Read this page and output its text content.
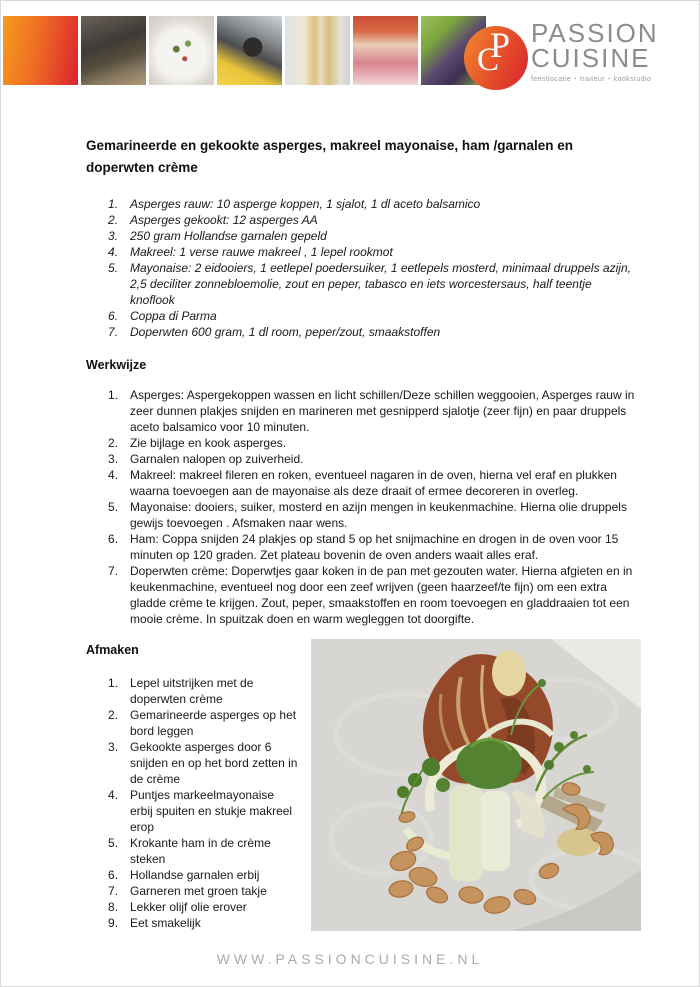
P
C
PASSION
CUISINE
feestlocatie · traiteur · kookstudio
Gemarineerde en gekookte asperges, makreel mayonaise, ham /garnalen en doperwten crème
Asperges rauw: 10 asperge koppen, 1 sjalot, 1 dl aceto balsamico
Asperges gekookt: 12 asperges AA
250 gram Hollandse garnalen gepeld
Makreel: 1 verse rauwe makreel , 1 lepel rookmot
Mayonaise: 2 eidooiers, 1 eetlepel poedersuiker, 1 eetlepels mosterd, minimaal druppels azijn, 2,5 deciliter zonnebloemolie, zout en peper, tabasco en iets worcestersaus, half teentje knoflook
Coppa di Parma
Doperwten 600 gram, 1 dl room, peper/zout, smaakstoffen
Werkwijze
Asperges: Aspergekoppen wassen en licht schillen/Deze schillen weggooien, Asperges rauw in zeer dunnen plakjes snijden en marineren met gesnipperd sjalotje (zeer fijn) en paar druppels aceto balsamico voor 10 minuten.
Zie bijlage en kook asperges.
Garnalen nalopen op zuiverheid.
Makreel: makreel fileren en roken, eventueel nagaren in de oven, hierna vel eraf en plukken waarna toevoegen aan de mayonaise als deze draait of ermee decoreren in overleg.
Mayonaise: dooiers, suiker, mosterd en azijn mengen in keukenmachine. Hierna olie druppels gewijs toevoegen . Afsmaken naar wens.
Ham: Coppa snijden 24 plakjes op stand 5 op het snijmachine en drogen in de oven voor 15 minuten op 120 graden. Zet plateau bovenin de oven anders waait alles eraf.
Doperwten crème: Doperwtjes gaar koken in de pan met gezouten water. Hierna afgieten en in keukenmachine, eventueel nog door een zeef wrijven (geen haarzeef/te fijn) om een extra gladde crème te krijgen. Zout, peper, smaakstoffen en room toevoegen en gladdraaien tot een mooie crème. In spuitzak doen en warm wegleggen tot doorgifte.
Afmaken
Lepel uitstrijken met de doperwten crème
Gemarineerde asperges op het bord leggen
Gekookte asperges door 6 snijden en op het bord zetten in de crème
Puntjes markeelmayonaise erbij spuiten en stukje makreel erop
Krokante ham in de crème steken
Hollandse garnalen erbij
Garneren met groen takje
Lekker olijf olie erover
Eet smakelijk
WWW.PASSIONCUISINE.NL
